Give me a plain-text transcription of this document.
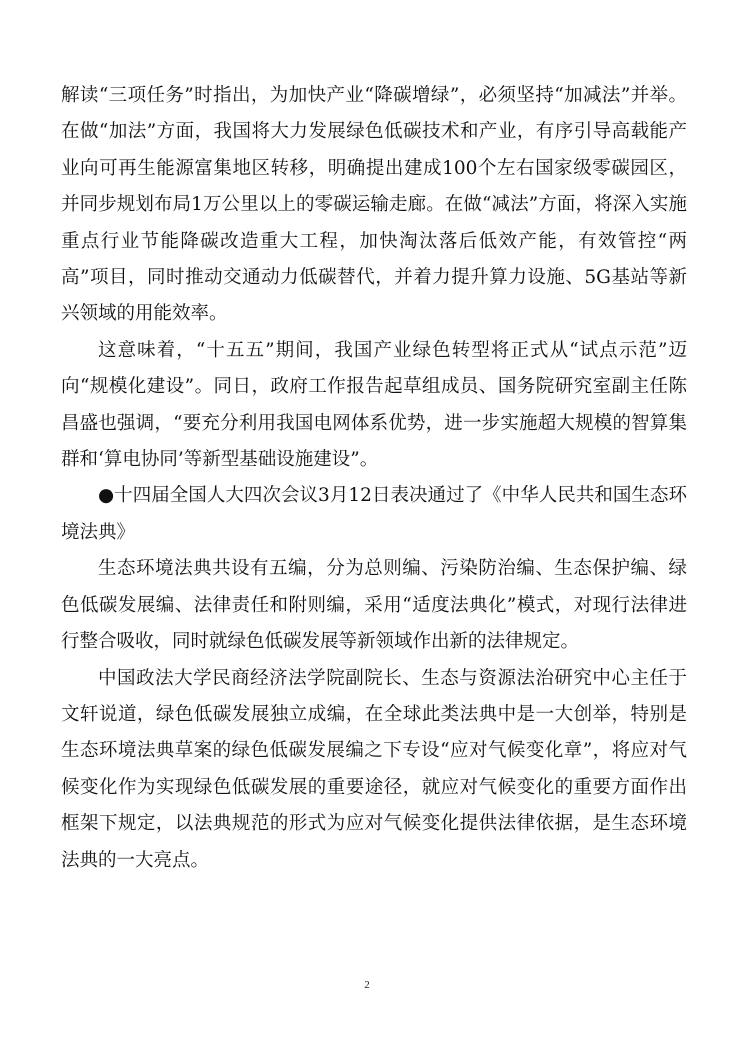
解读“三项任务”时指出，为加快产业“降碳增绿”，必须坚持“加减法”并举。在做“加法”方面，我国将大力发展绿色低碳技术和产业，有序引导高载能产业向可再生能源富集地区转移，明确提出建成100个左右国家级零碳园区，并同步规划布局1万公里以上的零碳运输走廊。在做“减法”方面，将深入实施重点行业节能降碳改造重大工程，加快淘汰落后低效产能，有效管控“两高”项目，同时推动交通动力低碳替代，并着力提升算力设施、5G基站等新兴领域的用能效率。

这意味着，“十五五”期间，我国产业绿色转型将正式从“试点示范”迈向“规模化建设”。同日，政府工作报告起草组成员、国务院研究室副主任陈昌盛也强调，“要充分利用我国电网体系优势，进一步实施超大规模的智算集群和‘算电协同’等新型基础设施建设”。

●十四届全国人大四次会议3月12日表决通过了《中华人民共和国生态环境法典》

生态环境法典共设有五编，分为总则编、污染防治编、生态保护编、绿色低碳发展编、法律责任和附则编，采用“适度法典化”模式，对现行法律进行整合吸收，同时就绿色低碳发展等新领域作出新的法律规定。

中国政法大学民商经济法学院副院长、生态与资源法治研究中心主任于文轩说道，绿色低碳发展独立成编，在全球此类法典中是一大创举，特别是生态环境法典草案的绿色低碳发展编之下专设“应对气候变化章”，将应对气候变化作为实现绿色低碳发展的重要途径，就应对气候变化的重要方面作出框架下规定，以法典规范的形式为应对气候变化提供法律依据，是生态环境法典的一大亮点。

2
